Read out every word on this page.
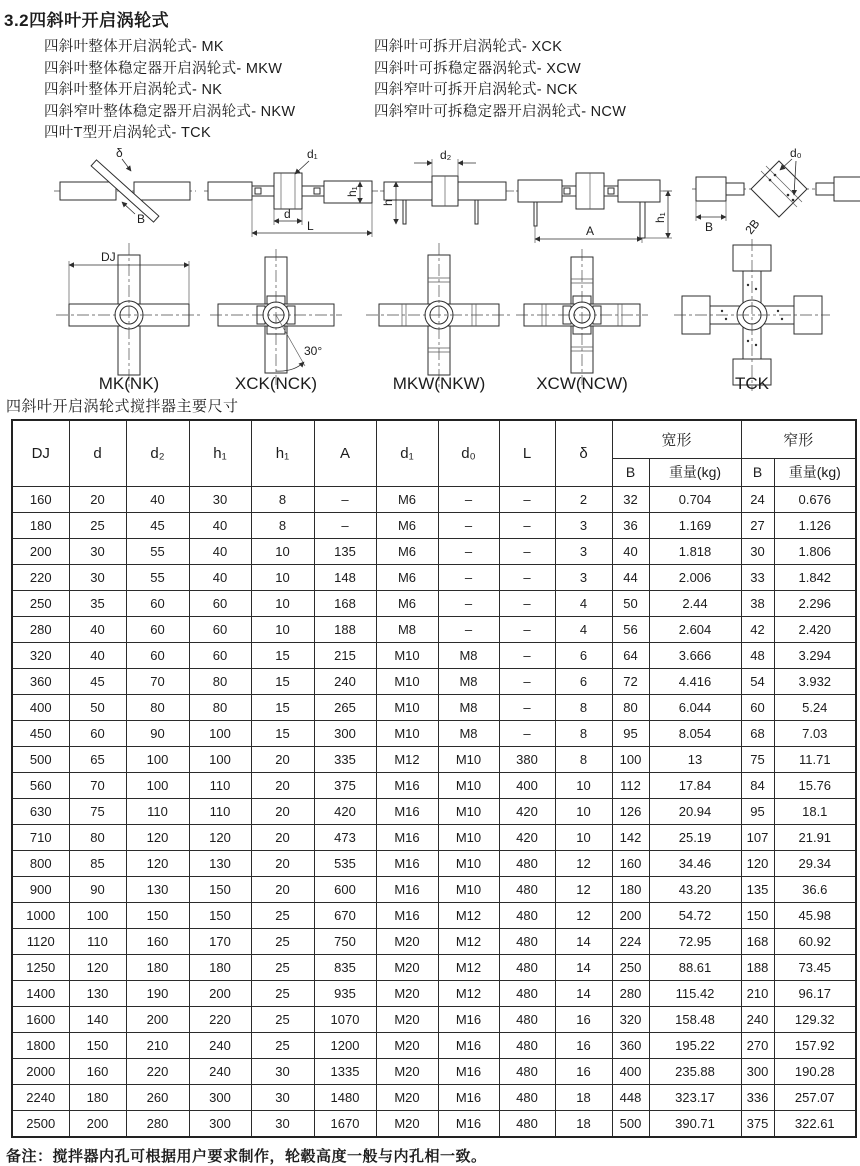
3.2四斜叶开启涡轮式
四斜叶整体开启涡轮式- MK
四斜叶整体稳定器开启涡轮式- MKW
四斜叶整体开启涡轮式- NK
四斜窄叶整体稳定器开启涡轮式- NKW
四叶T型开启涡轮式- TCK
四斜叶可拆开启涡轮式- XCK
四斜叶可拆稳定器涡轮式- XCW
四斜窄叶可拆开启涡轮式- NCK
四斜窄叶可拆稳定器开启涡轮式- NCW
δ
B
d₁
d
L
h₁
d₂
h
A
h₁
d₀
B 2B
DJ
30°
MK(NK)	XCK(NCK)	MKW(NKW)	XCW(NCW)	TCK
四斜叶开启涡轮式搅拌器主要尺寸
DJ	d	d₂	h₁	h₁	A	d₁	d₀	L	δ	宽形		窄形	
										B	重量(kg)	B	重量(kg)
160	20	40	30	8	–	M6	–	–	2	32	0.704	24	0.676
180	25	45	40	8	–	M6	–	–	3	36	1.169	27	1.126
200	30	55	40	10	135	M6	–	–	3	40	1.818	30	1.806
220	30	55	40	10	148	M6	–	–	3	44	2.006	33	1.842
250	35	60	60	10	168	M6	–	–	4	50	2.44	38	2.296
280	40	60	60	10	188	M8	–	–	4	56	2.604	42	2.420
320	40	60	60	15	215	M10	M8	–	6	64	3.666	48	3.294
360	45	70	80	15	240	M10	M8	–	6	72	4.416	54	3.932
400	50	80	80	15	265	M10	M8	–	8	80	6.044	60	5.24
450	60	90	100	15	300	M10	M8	–	8	95	8.054	68	7.03
500	65	100	100	20	335	M12	M10	380	8	100	13	75	11.71
560	70	100	110	20	375	M16	M10	400	10	112	17.84	84	15.76
630	75	110	110	20	420	M16	M10	420	10	126	20.94	95	18.1
710	80	120	120	20	473	M16	M10	420	10	142	25.19	107	21.91
800	85	120	130	20	535	M16	M10	480	12	160	34.46	120	29.34
900	90	130	150	20	600	M16	M10	480	12	180	43.20	135	36.6
1000	100	150	150	25	670	M16	M12	480	12	200	54.72	150	45.98
1120	110	160	170	25	750	M20	M12	480	14	224	72.95	168	60.92
1250	120	180	180	25	835	M20	M12	480	14	250	88.61	188	73.45
1400	130	190	200	25	935	M20	M12	480	14	280	115.42	210	96.17
1600	140	200	220	25	1070	M20	M16	480	16	320	158.48	240	129.32
1800	150	210	240	25	1200	M20	M16	480	16	360	195.22	270	157.92
2000	160	220	240	30	1335	M20	M16	480	16	400	235.88	300	190.28
2240	180	260	300	30	1480	M20	M16	480	18	448	323.17	336	257.07
2500	200	280	300	30	1670	M20	M16	480	18	500	390.71	375	322.61
备注：搅拌器内孔可根据用户要求制作，轮毂高度一般与内孔相一致。
